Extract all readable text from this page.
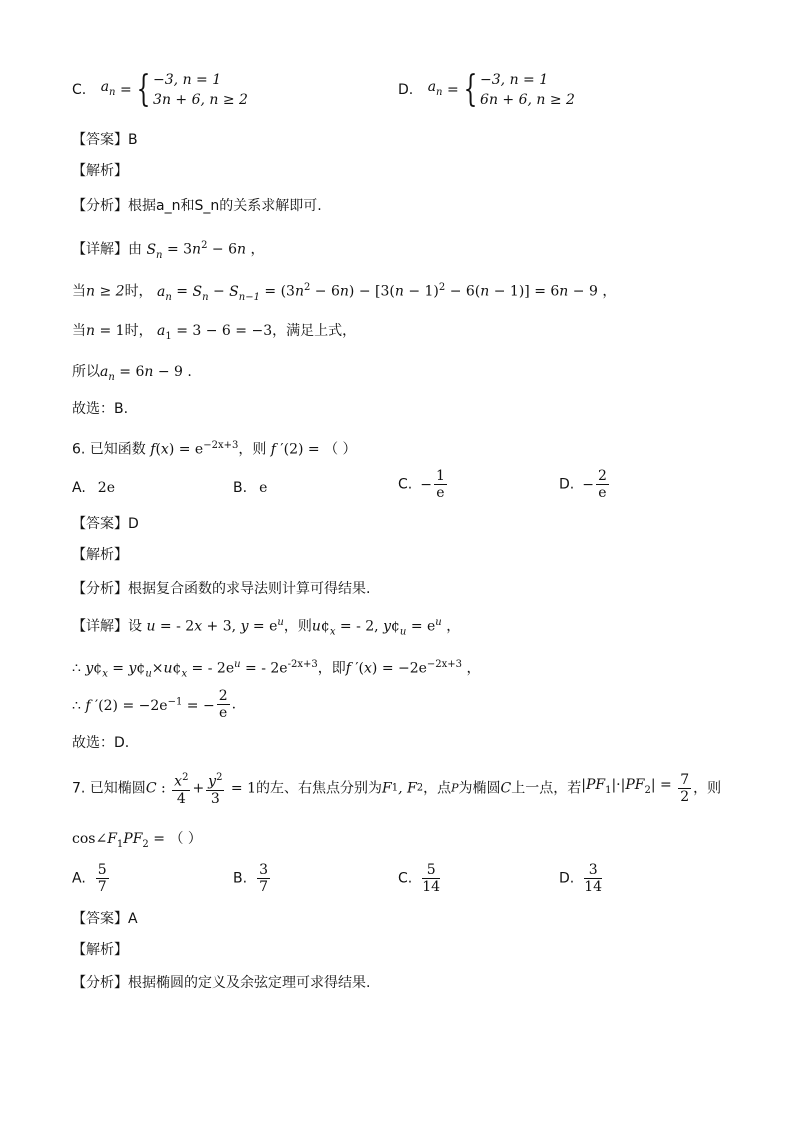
C. $a_n$ = { −3, n = 1
3n + 6, n ≥ 2
D. $a_n$ = { −3, n = 1
6n + 6, n ≥ 2
【答案】B
【解析】
【分析】根据a_n和S_n的关系求解即可.
【详解】由 $S_n = 3n^2 - 6n$ ，
当n ≥ 2时， $a_n = S_n - S_{n-1} = (3n^2 - 6n) - [3(n - 1)^2 - 6(n - 1)] = 6n - 9$ ，
当n = 1时， $a_1 = 3 - 6 = -3$，满足上式，
所以$a_n = 6n - 9$ .
故选：B.
6. 已知函数 $f(x) = e^{-2x+3}$，则 f ′(2) = （ ）
A. 2e	B. e	C. − $\frac{1}{e}$	D. − $\frac{2}{e}$
【答案】D
【解析】
【分析】根据复合函数的求导法则计算可得结果.
【详解】设 u = - 2x + 3, $y = e^u$，则$u¢_x$ = - 2, $y¢_u = e^u$ ，
∴ $y¢_x$ = $y¢_u\times u¢_x$ = - $2e^u$ = - $2e^{-2x+3}$，即f $'(x) = -2e^{-2x+3}$ ，
∴ f $'(2) = -2e^{-1}$ = − $\frac{2}{e}$ .
故选：D.
7. 已知椭圆C : $\frac{x^2}{4} + \frac{y^2}{3} = 1$的左、右焦点分别为F1, F2，点P为椭圆C上一点，若$|PF_1|\cdot|PF_2| = \frac{7}{2}$ ，则
$\cos\angle F_1PF_2$ = （ ）
A. $\frac{5}{7}$	B. $\frac{3}{7}$	C. $\frac{5}{14}$	D. $\frac{3}{14}$
【答案】A
【解析】
【分析】根据椭圆的定义及余弦定理可求得结果.
